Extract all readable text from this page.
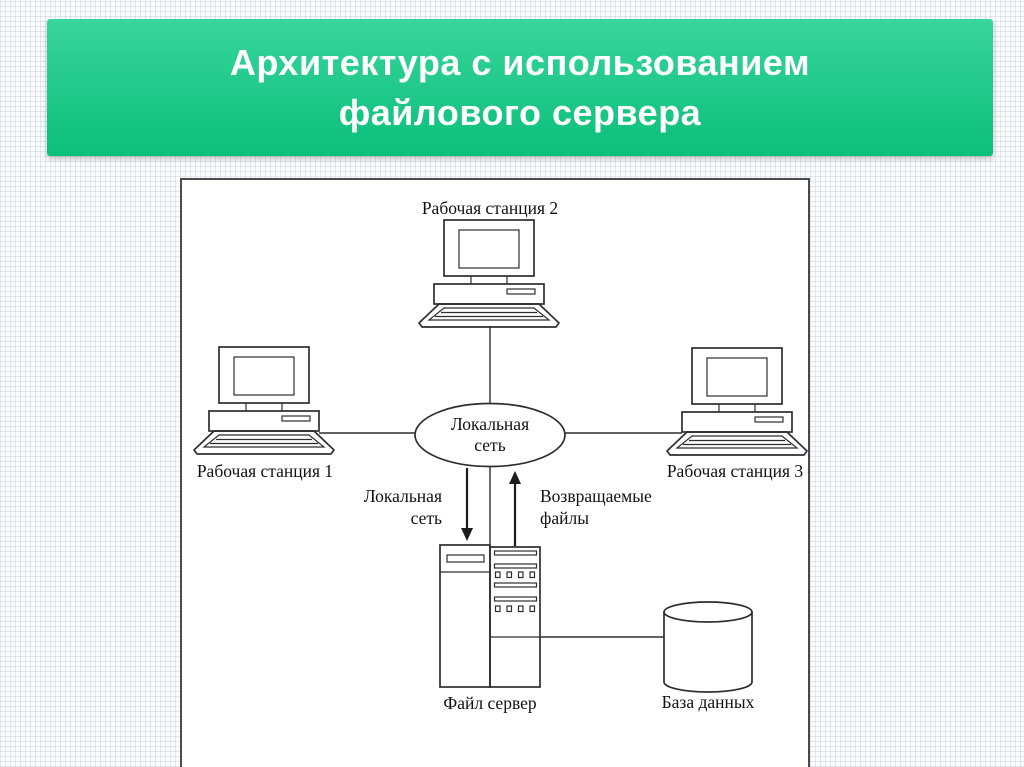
Архитектура с использованием
файлового сервера
Рабочая станция 2
Рабочая станция 1	Рабочая станция 3
Локальная
сеть
Локальная
сеть
Возвращаемые
файлы
Файл сервер	База данных
